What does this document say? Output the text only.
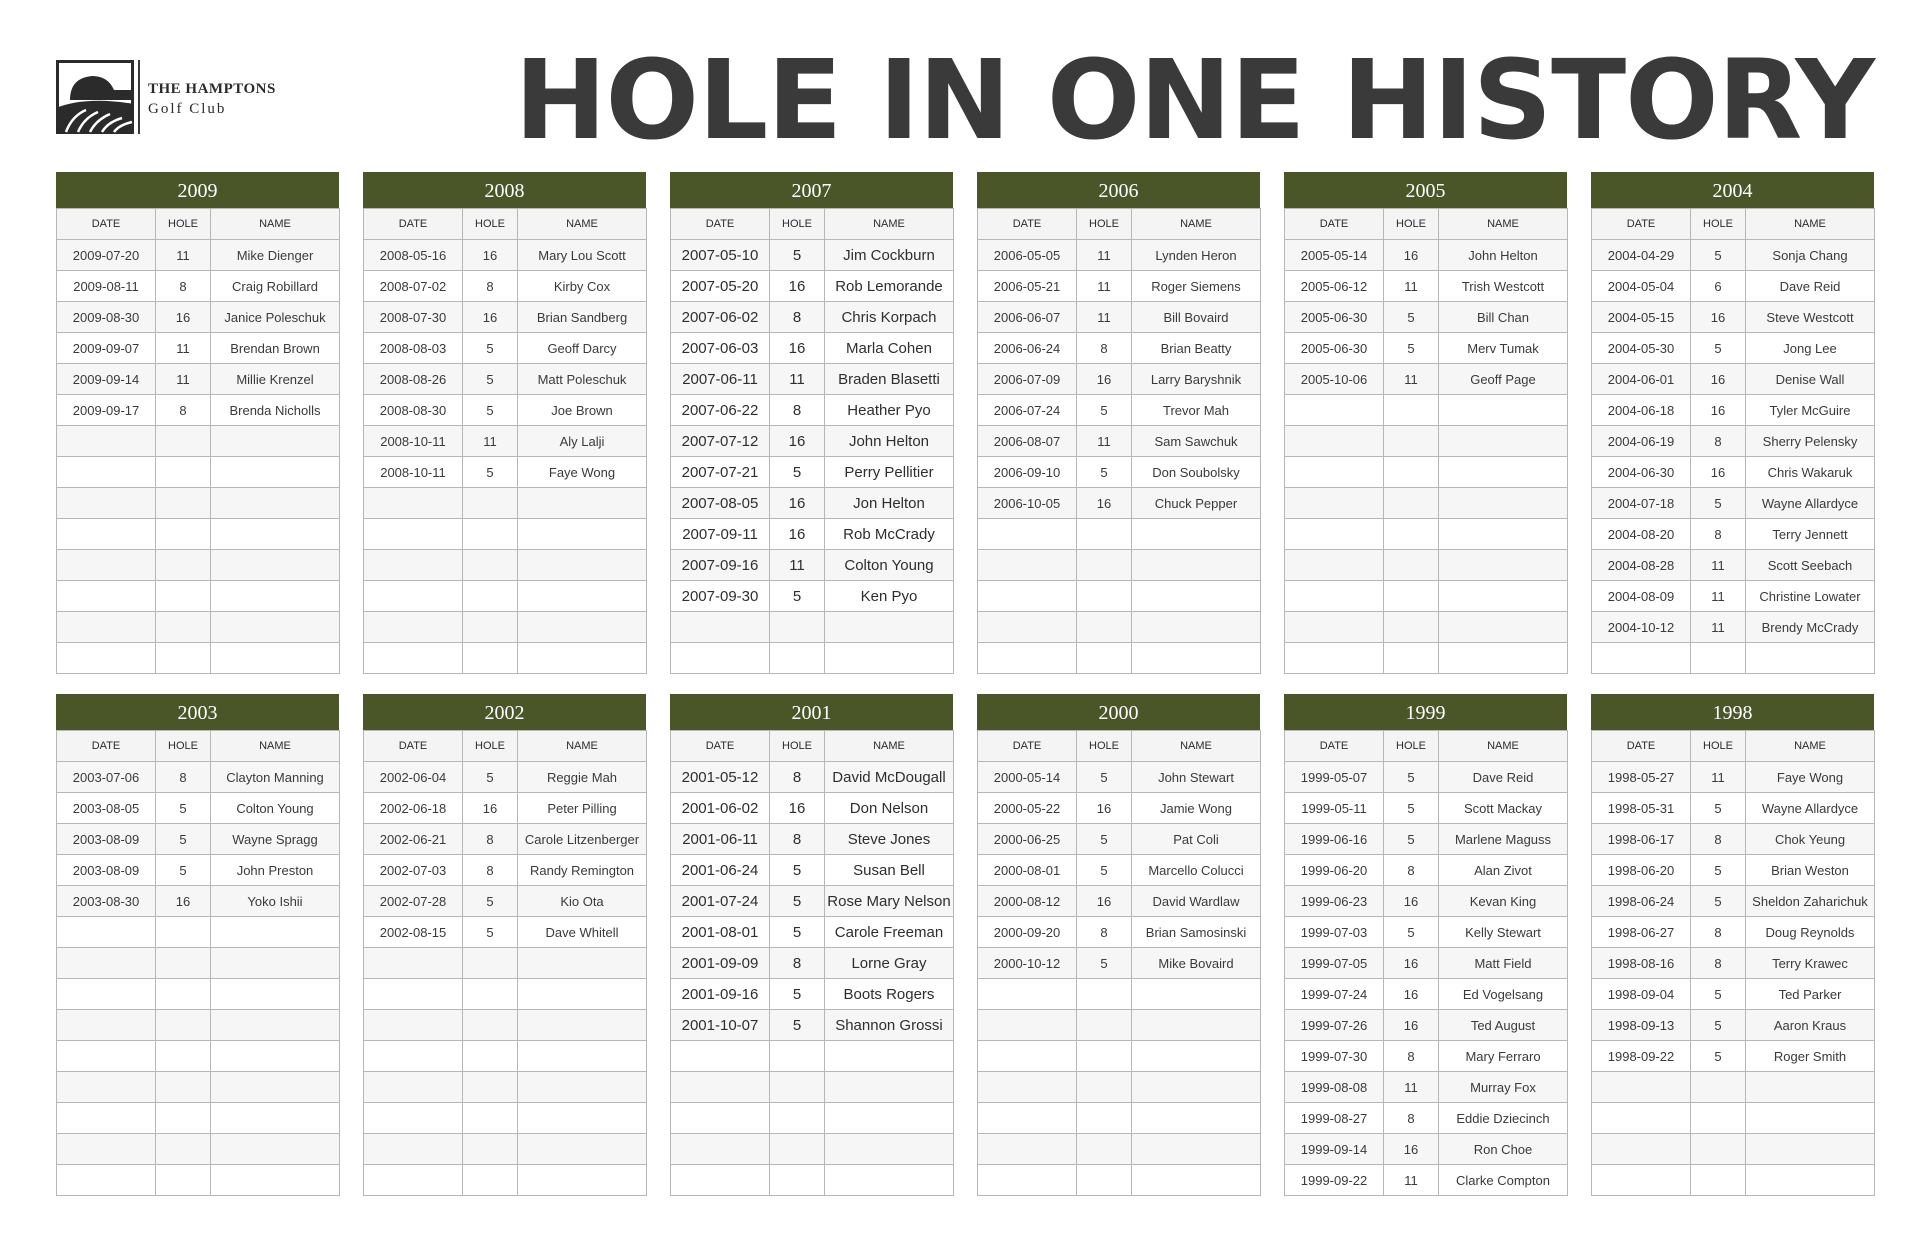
THE HAMPTONS
Golf Club	HOLE IN ONE HISTORY
2009
DATE	HOLE	NAME
2009-07-20	11	Mike Dienger
2009-08-11	8	Craig Robillard
2009-08-30	16	Janice Poleschuk
2009-09-07	11	Brendan Brown
2009-09-14	11	Millie Krenzel
2009-09-17	8	Brenda Nicholls

2008
DATE	HOLE	NAME
2008-05-16	16	Mary Lou Scott
2008-07-02	8	Kirby Cox
2008-07-30	16	Brian Sandberg
2008-08-03	5	Geoff Darcy
2008-08-26	5	Matt Poleschuk
2008-08-30	5	Joe Brown
2008-10-11	11	Aly Lalji
2008-10-11	5	Faye Wong

2007
DATE	HOLE	NAME
2007-05-10	5	Jim Cockburn
2007-05-20	16	Rob Lemorande
2007-06-02	8	Chris Korpach
2007-06-03	16	Marla Cohen
2007-06-11	11	Braden Blasetti
2007-06-22	8	Heather Pyo
2007-07-12	16	John Helton
2007-07-21	5	Perry Pellitier
2007-08-05	16	Jon Helton
2007-09-11	16	Rob McCrady
2007-09-16	11	Colton Young
2007-09-30	5	Ken Pyo

2006
DATE	HOLE	NAME
2006-05-05	11	Lynden Heron
2006-05-21	11	Roger Siemens
2006-06-07	11	Bill Bovaird
2006-06-24	8	Brian Beatty
2006-07-09	16	Larry Baryshnik
2006-07-24	5	Trevor Mah
2006-08-07	11	Sam Sawchuk
2006-09-10	5	Don Soubolsky
2006-10-05	16	Chuck Pepper

2005
DATE	HOLE	NAME
2005-05-14	16	John Helton
2005-06-12	11	Trish Westcott
2005-06-30	5	Bill Chan
2005-06-30	5	Merv Tumak
2005-10-06	11	Geoff Page

2004
DATE	HOLE	NAME
2004-04-29	5	Sonja Chang
2004-05-04	6	Dave Reid
2004-05-15	16	Steve Westcott
2004-05-30	5	Jong Lee
2004-06-01	16	Denise Wall
2004-06-18	16	Tyler McGuire
2004-06-19	8	Sherry Pelensky
2004-06-30	16	Chris Wakaruk
2004-07-18	5	Wayne Allardyce
2004-08-20	8	Terry Jennett
2004-08-28	11	Scott Seebach
2004-08-09	11	Christine Lowater
2004-10-12	11	Brendy McCrady

2003
DATE	HOLE	NAME
2003-07-06	8	Clayton Manning
2003-08-05	5	Colton Young
2003-08-09	5	Wayne Spragg
2003-08-09	5	John Preston
2003-08-30	16	Yoko Ishii

2002
DATE	HOLE	NAME
2002-06-04	5	Reggie Mah
2002-06-18	16	Peter Pilling
2002-06-21	8	Carole Litzenberger
2002-07-03	8	Randy Remington
2002-07-28	5	Kio Ota
2002-08-15	5	Dave Whitell

2001
DATE	HOLE	NAME
2001-05-12	8	David McDougall
2001-06-02	16	Don Nelson
2001-06-11	8	Steve Jones
2001-06-24	5	Susan Bell
2001-07-24	5	Rose Mary Nelson
2001-08-01	5	Carole Freeman
2001-09-09	8	Lorne Gray
2001-09-16	5	Boots Rogers
2001-10-07	5	Shannon Grossi

2000
DATE	HOLE	NAME
2000-05-14	5	John Stewart
2000-05-22	16	Jamie Wong
2000-06-25	5	Pat Coli
2000-08-01	5	Marcello Colucci
2000-08-12	16	David Wardlaw
2000-09-20	8	Brian Samosinski
2000-10-12	5	Mike Bovaird

1999
DATE	HOLE	NAME
1999-05-07	5	Dave Reid
1999-05-11	5	Scott Mackay
1999-06-16	5	Marlene Maguss
1999-06-20	8	Alan Zivot
1999-06-23	16	Kevan King
1999-07-03	5	Kelly Stewart
1999-07-05	16	Matt Field
1999-07-24	16	Ed Vogelsang
1999-07-26	16	Ted August
1999-07-30	8	Mary Ferraro
1999-08-08	11	Murray Fox
1999-08-27	8	Eddie Dziecinch
1999-09-14	16	Ron Choe
1999-09-22	11	Clarke Compton
1998
DATE	HOLE	NAME
1998-05-27	11	Faye Wong
1998-05-31	5	Wayne Allardyce
1998-06-17	8	Chok Yeung
1998-06-20	5	Brian Weston
1998-06-24	5	Sheldon Zaharichuk
1998-06-27	8	Doug Reynolds
1998-08-16	8	Terry Krawec
1998-09-04	5	Ted Parker
1998-09-13	5	Aaron Kraus
1998-09-22	5	Roger Smith
